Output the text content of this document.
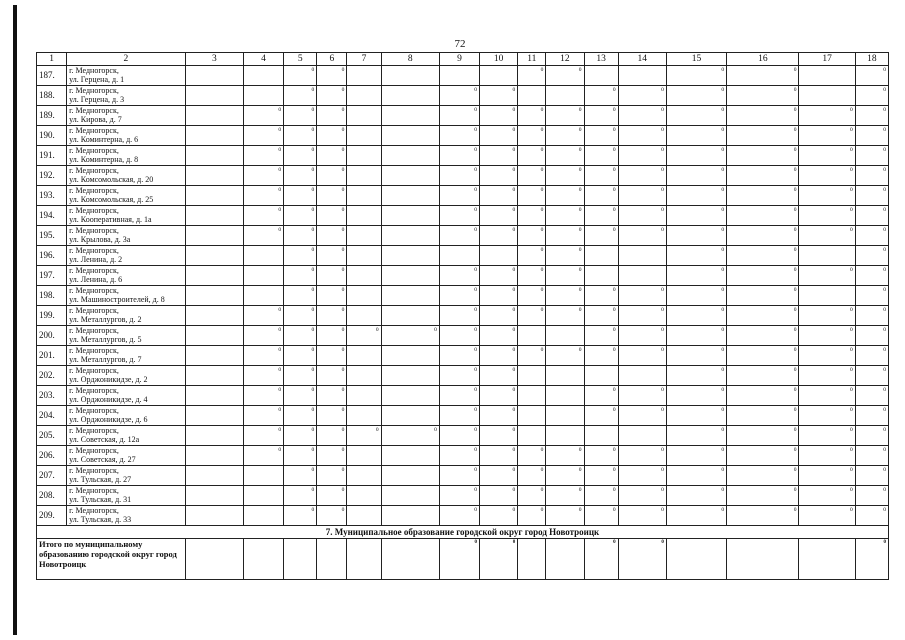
72
1	2	3	4	5	6	7	8	9	10	11	12	13	14	15	16	17	18
187.	г. Медногорск,
ул. Герцена, д. 1			0	0					0	0			0	0		0
188.	г. Медногорск,
ул. Герцена, д. 3			0	0			0	0			0	0	0	0		0
189.	г. Медногорск,
ул. Кирова, д. 7		0	0	0			0	0	0	0	0	0	0	0	0	0
190.	г. Медногорск,
ул. Коминтерна, д. 6		0	0	0			0	0	0	0	0	0	0	0	0	0
191.	г. Медногорск,
ул. Коминтерна, д. 8		0	0	0			0	0	0	0	0	0	0	0	0	0
192.	г. Медногорск,
ул. Комсомольская, д. 20		0	0	0			0	0	0	0	0	0	0	0	0	0
193.	г. Медногорск,
ул. Комсомольская, д. 25		0	0	0			0	0	0	0	0	0	0	0	0	0
194.	г. Медногорск,
ул. Кооперативная, д. 1а		0	0	0			0	0	0	0	0	0	0	0	0	0
195.	г. Медногорск,
ул. Крылова, д. 3а		0	0	0			0	0	0	0	0	0	0	0	0	0
196.	г. Медногорск,
ул. Ленина, д. 2			0	0					0	0			0	0		0
197.	г. Медногорск,
ул. Ленина, д. 6			0	0			0	0	0	0			0	0	0	0
198.	г. Медногорск,
ул. Машиностроителей, д. 8			0	0			0	0	0	0	0	0	0	0		0
199.	г. Медногорск,
ул. Металлургов, д. 2		0	0	0			0	0	0	0	0	0	0	0	0	0
200.	г. Медногорск,
ул. Металлургов, д. 5		0	0	0	0	0	0	0			0	0	0	0	0	0
201.	г. Медногорск,
ул. Металлургов, д. 7		0	0	0			0	0	0	0	0	0	0	0	0	0
202.	г. Медногорск,
ул. Орджоникидзе, д. 2		0	0	0			0	0					0	0	0	0
203.	г. Медногорск,
ул. Орджоникидзе, д. 4		0	0	0			0	0			0	0	0	0	0	0
204.	г. Медногорск,
ул. Орджоникидзе, д. 6		0	0	0			0	0			0	0	0	0	0	0
205.	г. Медногорск,
ул. Советская, д. 12а		0	0	0	0	0	0	0					0	0	0	0
206.	г. Медногорск,
ул. Советская, д. 27		0	0	0			0	0	0	0	0	0	0	0	0	0
207.	г. Медногорск,
ул. Тульская, д. 27			0	0			0	0	0	0	0	0	0	0	0	0
208.	г. Медногорск,
ул. Тульская, д. 31			0	0			0	0	0	0	0	0	0	0	0	0
209.	г. Медногорск,
ул. Тульская, д. 33			0	0			0	0	0	0	0	0	0	0	0	0
7. Муниципальное образование городской округ город Новотроицк																	
Итого по муниципальному образованию городской округ город Новотроицк								0	0			0	0				0
